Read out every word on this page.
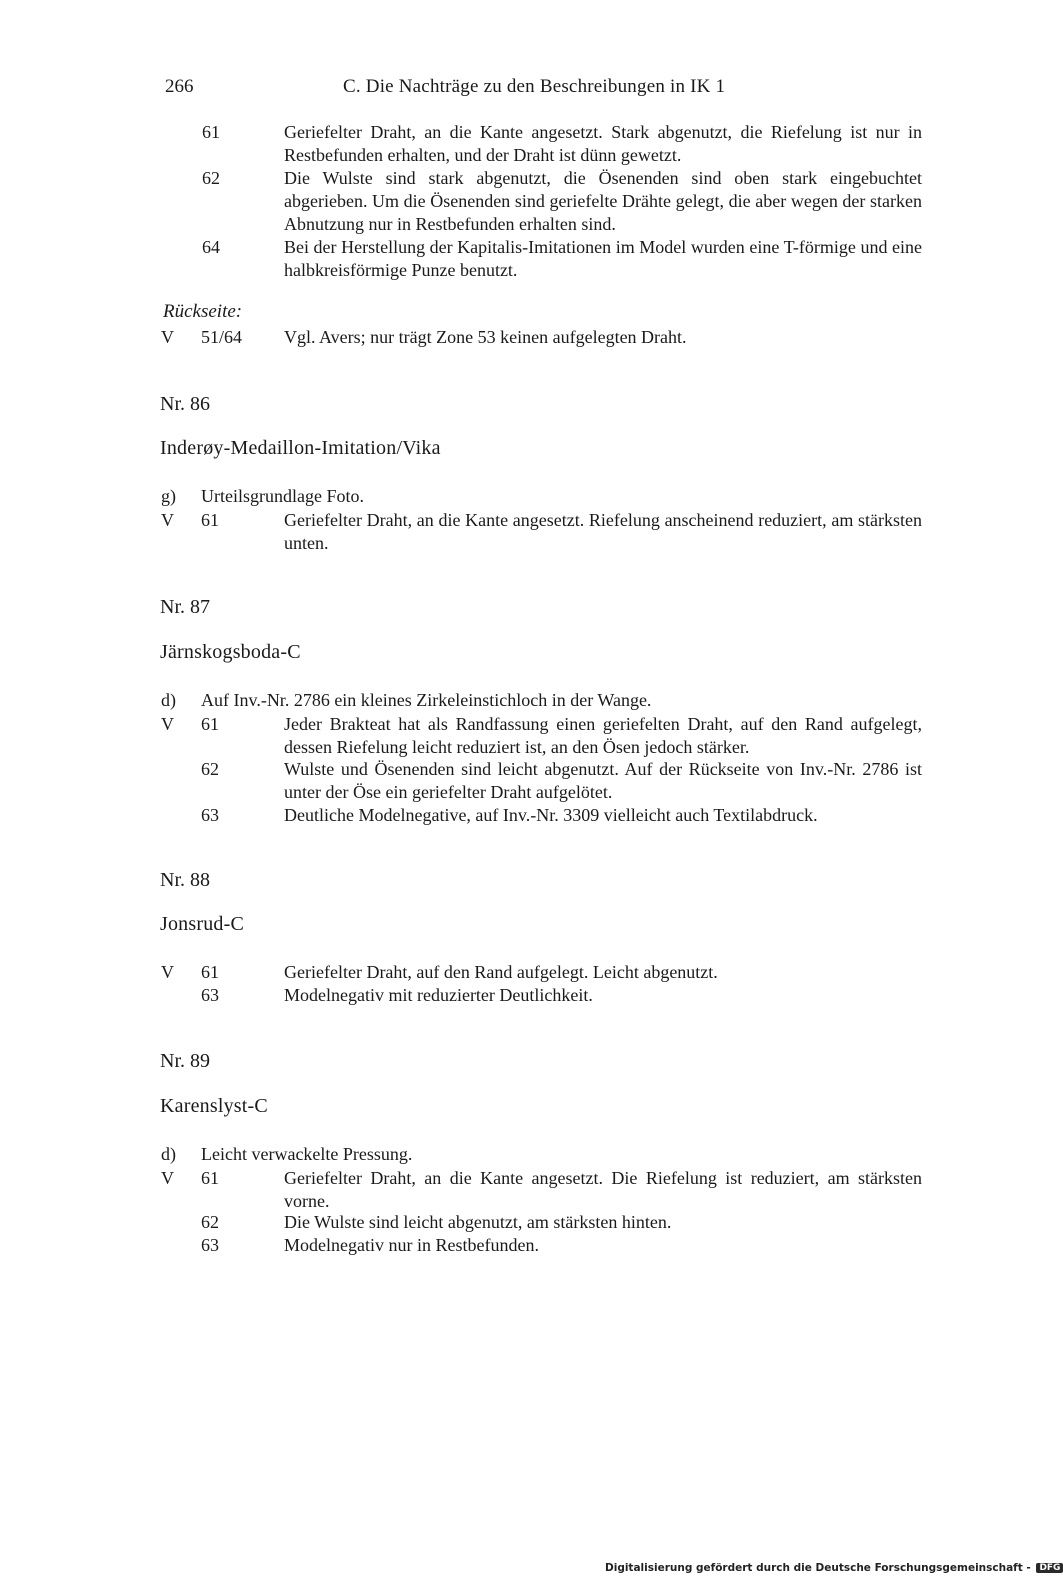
266	C. Die Nachträge zu den Beschreibungen in IK 1
61	Geriefelter Draht, an die Kante angesetzt. Stark abgenutzt, die Riefelung ist nur in Restbefunden erhalten, und der Draht ist dünn gewetzt.
62	Die Wulste sind stark abgenutzt, die Ösenenden sind oben stark eingebuchtet abgerieben. Um die Ösenenden sind geriefelte Drähte gelegt, die aber wegen der starken Abnutzung nur in Restbefunden erhalten sind.
64	Bei der Herstellung der Kapitalis-Imitationen im Model wurden eine T-förmige und eine halbkreisförmige Punze benutzt.
Rückseite:
V 51/64 Vgl. Avers; nur trägt Zone 53 keinen aufgelegten Draht.
Nr. 86
Inderøy-Medaillon-Imitation/Vika
g) Urteilsgrundlage Foto.
V 61	Geriefelter Draht, an die Kante angesetzt. Riefelung anscheinend reduziert, am stärksten unten.
Nr. 87
Järnskogsboda-C
d) Auf Inv.-Nr. 2786 ein kleines Zirkeleinstichloch in der Wange.
V 61	Jeder Brakteat hat als Randfassung einen geriefelten Draht, auf den Rand aufgelegt, dessen Riefelung leicht reduziert ist, an den Ösen jedoch stärker.
62	Wulste und Ösenenden sind leicht abgenutzt. Auf der Rückseite von Inv.-Nr. 2786 ist unter der Öse ein geriefelter Draht aufgelötet.
63	Deutliche Modelnegative, auf Inv.-Nr. 3309 vielleicht auch Textilabdruck.
Nr. 88
Jonsrud-C
V 61	Geriefelter Draht, auf den Rand aufgelegt. Leicht abgenutzt.
63	Modelnegativ mit reduzierter Deutlichkeit.
Nr. 89
Karenslyst-C
d) Leicht verwackelte Pressung.
V 61	Geriefelter Draht, an die Kante angesetzt. Die Riefelung ist reduziert, am stärksten vorne.
62	Die Wulste sind leicht abgenutzt, am stärksten hinten.
63	Modelnegativ nur in Restbefunden.
Digitalisierung gefördert durch die Deutsche Forschungsgemeinschaft - DFG
